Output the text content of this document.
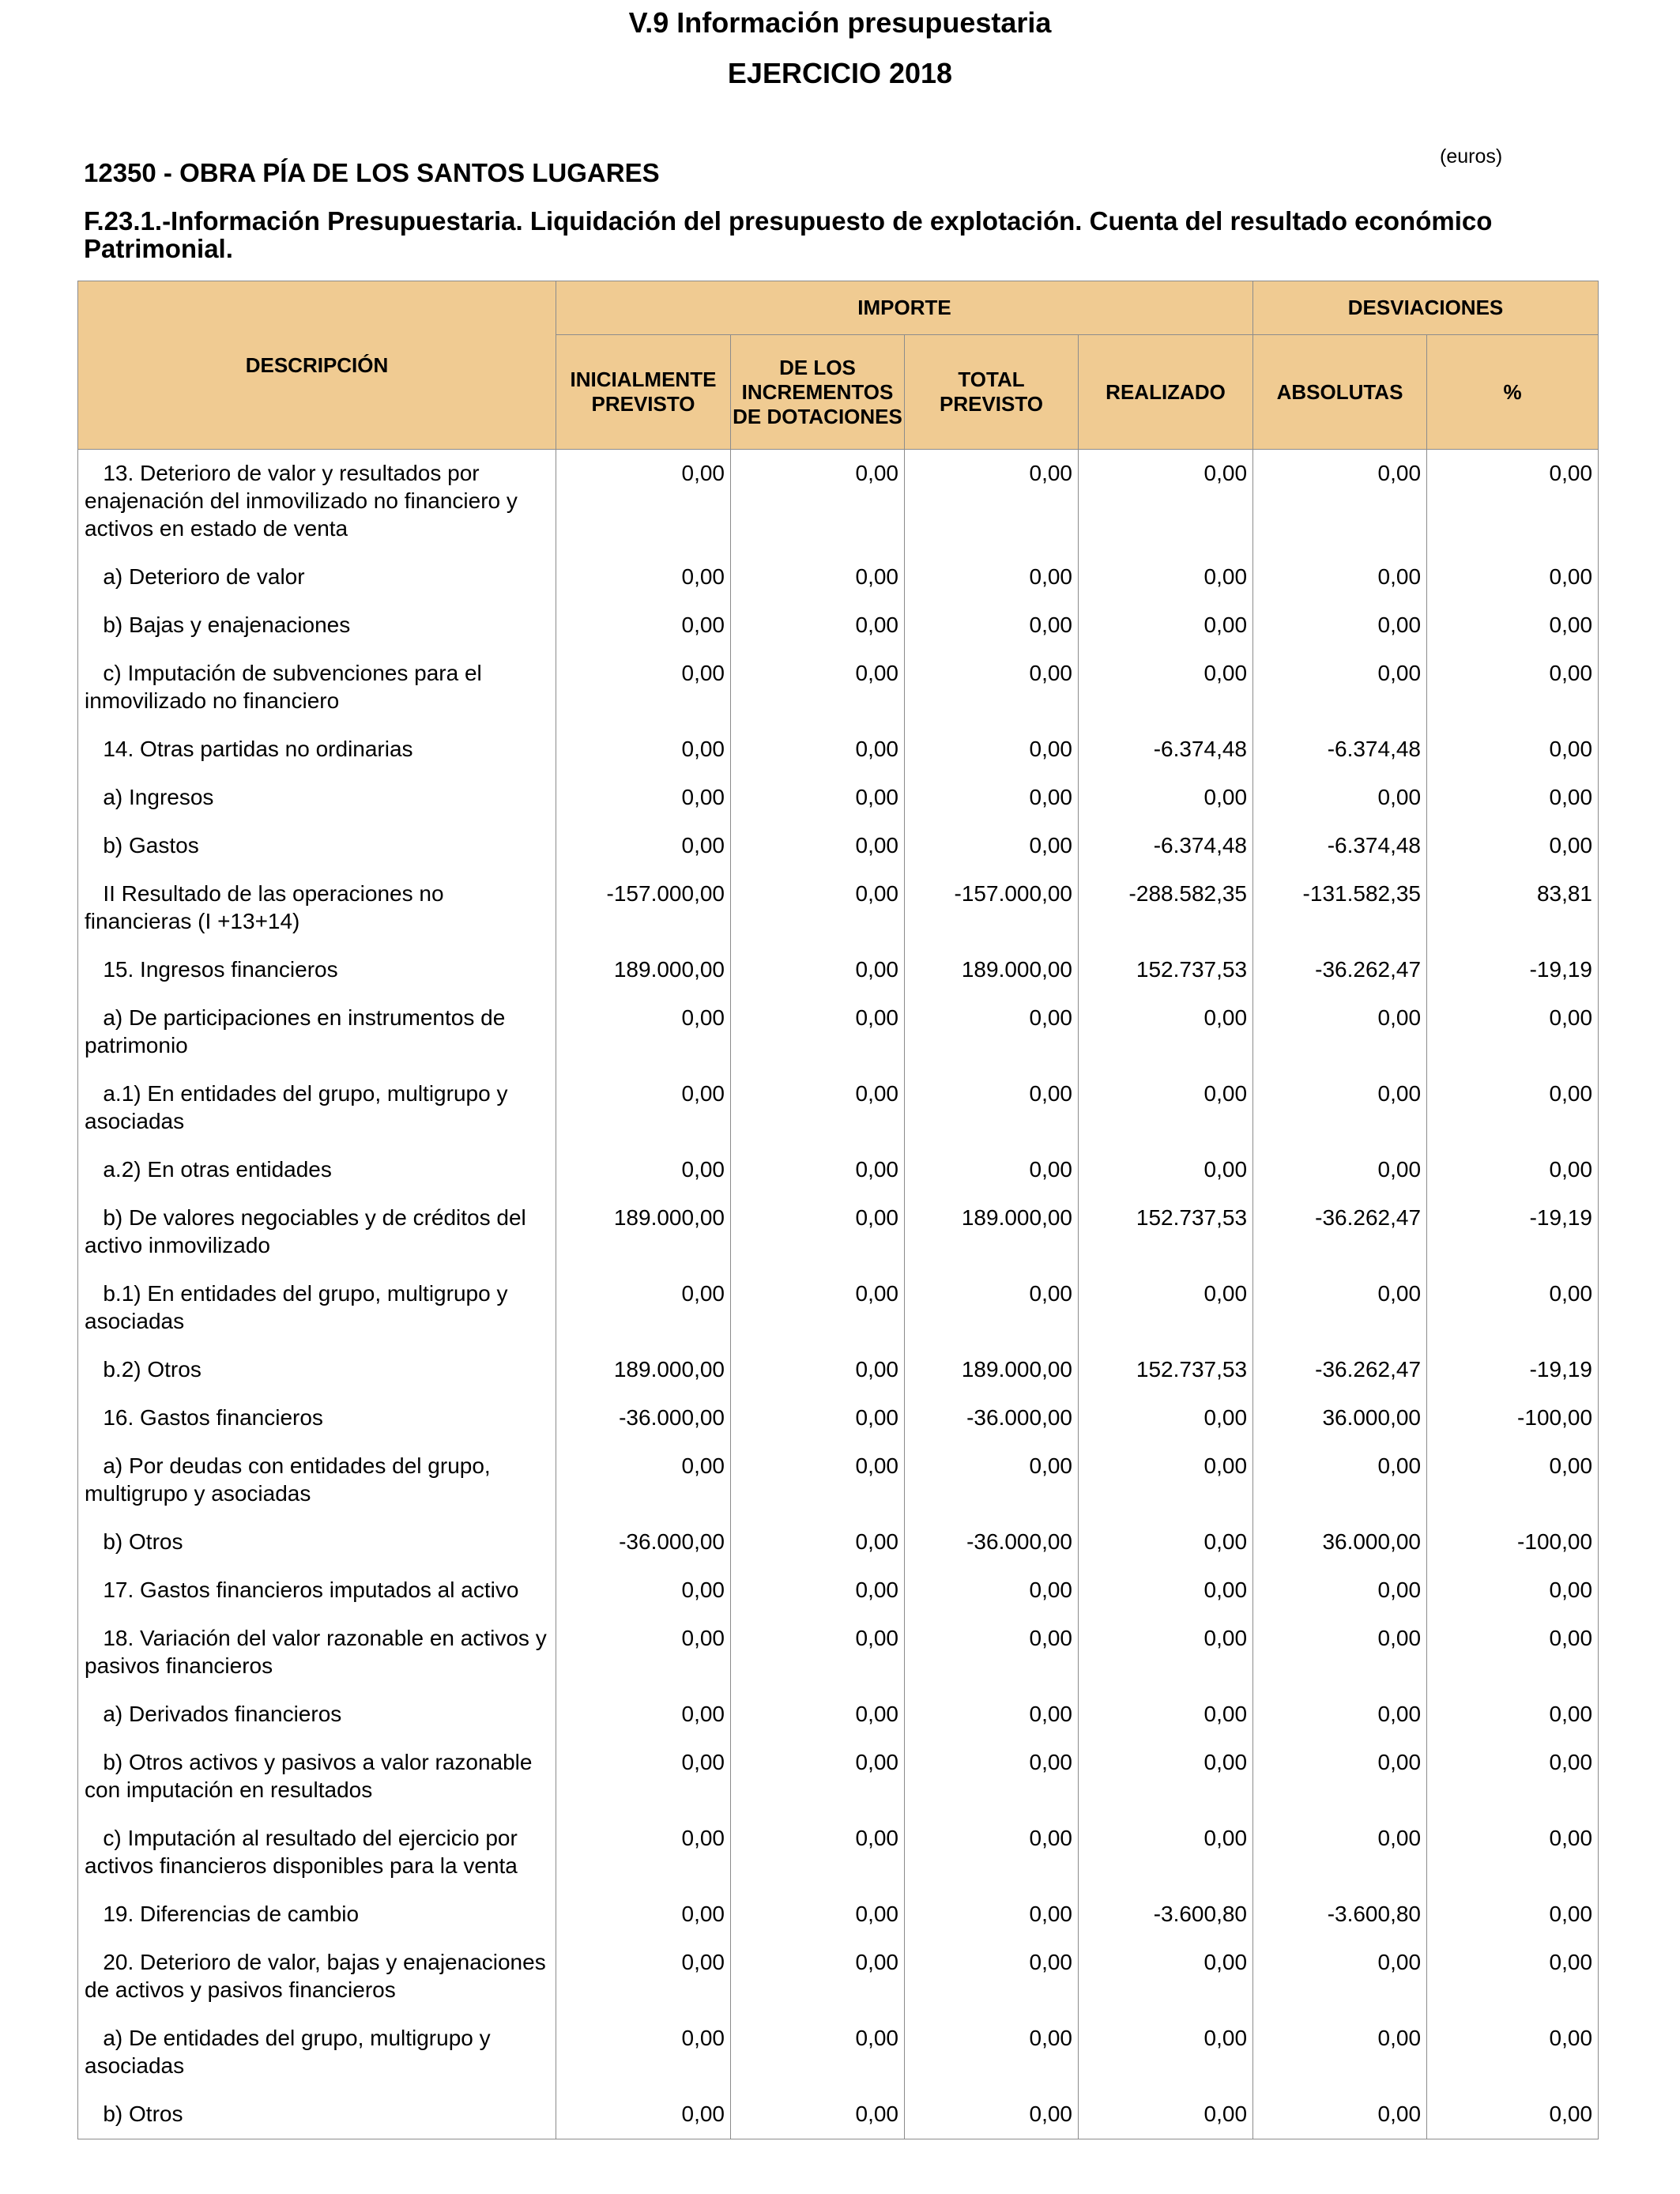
V.9 Información presupuestaria
EJERCICIO 2018
(euros)
12350 - OBRA PÍA DE LOS SANTOS LUGARES
F.23.1.-Información Presupuestaria. Liquidación del presupuesto de explotación. Cuenta del resultado económico Patrimonial.
DESCRIPCIÓN	IMPORTE				DESVIACIONES	
	INICIALMENTE PREVISTO	DE LOS INCREMENTOS DE DOTACIONES	TOTAL PREVISTO	REALIZADO	ABSOLUTAS	%
13. Deterioro de valor y resultados por enajenación del inmovilizado no financiero y activos en estado de venta	0,00	0,00	0,00	0,00	0,00	0,00
a) Deterioro de valor	0,00	0,00	0,00	0,00	0,00	0,00
b) Bajas y enajenaciones	0,00	0,00	0,00	0,00	0,00	0,00
c) Imputación de subvenciones para el inmovilizado no financiero	0,00	0,00	0,00	0,00	0,00	0,00
14. Otras partidas no ordinarias	0,00	0,00	0,00	-6.374,48	-6.374,48	0,00
a) Ingresos	0,00	0,00	0,00	0,00	0,00	0,00
b) Gastos	0,00	0,00	0,00	-6.374,48	-6.374,48	0,00
II Resultado de las operaciones no financieras (I +13+14)	-157.000,00	0,00	-157.000,00	-288.582,35	-131.582,35	83,81
15. Ingresos financieros	189.000,00	0,00	189.000,00	152.737,53	-36.262,47	-19,19
a) De participaciones en instrumentos de patrimonio	0,00	0,00	0,00	0,00	0,00	0,00
a.1) En entidades del grupo, multigrupo y asociadas	0,00	0,00	0,00	0,00	0,00	0,00
a.2) En otras entidades	0,00	0,00	0,00	0,00	0,00	0,00
b) De valores negociables y de créditos del activo inmovilizado	189.000,00	0,00	189.000,00	152.737,53	-36.262,47	-19,19
b.1) En entidades del grupo, multigrupo y asociadas	0,00	0,00	0,00	0,00	0,00	0,00
b.2) Otros	189.000,00	0,00	189.000,00	152.737,53	-36.262,47	-19,19
16. Gastos financieros	-36.000,00	0,00	-36.000,00	0,00	36.000,00	-100,00
a) Por deudas con entidades del grupo, multigrupo y asociadas	0,00	0,00	0,00	0,00	0,00	0,00
b) Otros	-36.000,00	0,00	-36.000,00	0,00	36.000,00	-100,00
17. Gastos financieros imputados al activo	0,00	0,00	0,00	0,00	0,00	0,00
18. Variación del valor razonable en activos y pasivos financieros	0,00	0,00	0,00	0,00	0,00	0,00
a) Derivados financieros	0,00	0,00	0,00	0,00	0,00	0,00
b) Otros activos y pasivos a valor razonable con imputación en resultados	0,00	0,00	0,00	0,00	0,00	0,00
c) Imputación al resultado del ejercicio por activos financieros disponibles para la venta	0,00	0,00	0,00	0,00	0,00	0,00
19. Diferencias de cambio	0,00	0,00	0,00	-3.600,80	-3.600,80	0,00
20. Deterioro de valor, bajas y enajenaciones de activos y pasivos financieros	0,00	0,00	0,00	0,00	0,00	0,00
a) De entidades del grupo, multigrupo y asociadas	0,00	0,00	0,00	0,00	0,00	0,00
b) Otros	0,00	0,00	0,00	0,00	0,00	0,00
